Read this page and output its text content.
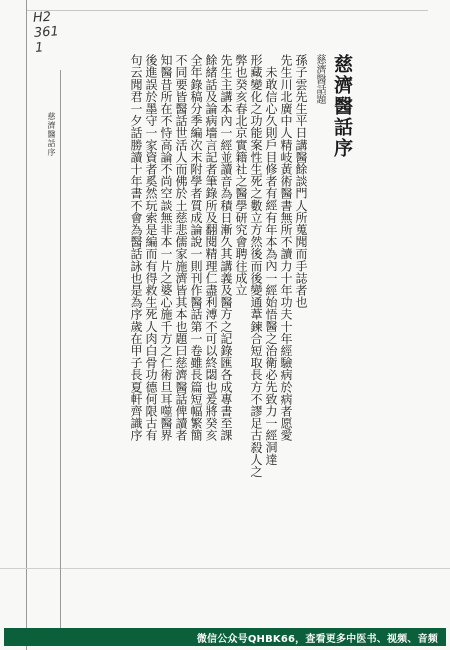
H2
361
1
慈濟醫話序	慈濟醫話序
慈濟醫話題
孫子雲先生平日講醫餘談門人所蒐聞而手誌者也
先生川北廣中人精岐黃術醫書無所不讀力十年功夫十年經驗病於病者愿愛
未敢信心久則戶目修者有經有年本為內一經始悟醫之治衛必先致力一經洞達
形藏變化之功能案性生死之數立方然後而後變通葦鍊合短取長方不謬足古殺人之
弊也癸亥春北京實籍社之醫學研究會聘往成立
先生主講本內一經並讀音為積日漸久其講義及醫方之記錄匯各成專書至課
餘緒話及論病墻言記者筆錄所及翻閱精理仁盡利溥不可以終閟也爰將癸亥
全年錄稿分季編次末附學者質成論說一則刊作醫話第一卷雖長篇短幅繁簡
不同要皆醫話世活人而佛於土慈悲儒家施濟皆其本也題曰慈濟醫話俾讀者
知醫昔所在不恃高論不尚空談無非本一片之婆心施千方之仁術旦耳噬醫界
後進誤於墨守一家資者奚然玩索是編而有得救生死人肉白骨功德何限古有
句云聞君一夕話勝讀十年書不會為醫話詠也是為序歲在甲子長夏軒齊識序
微信公众号QHBK66，查看更多中医书、视频、音频
